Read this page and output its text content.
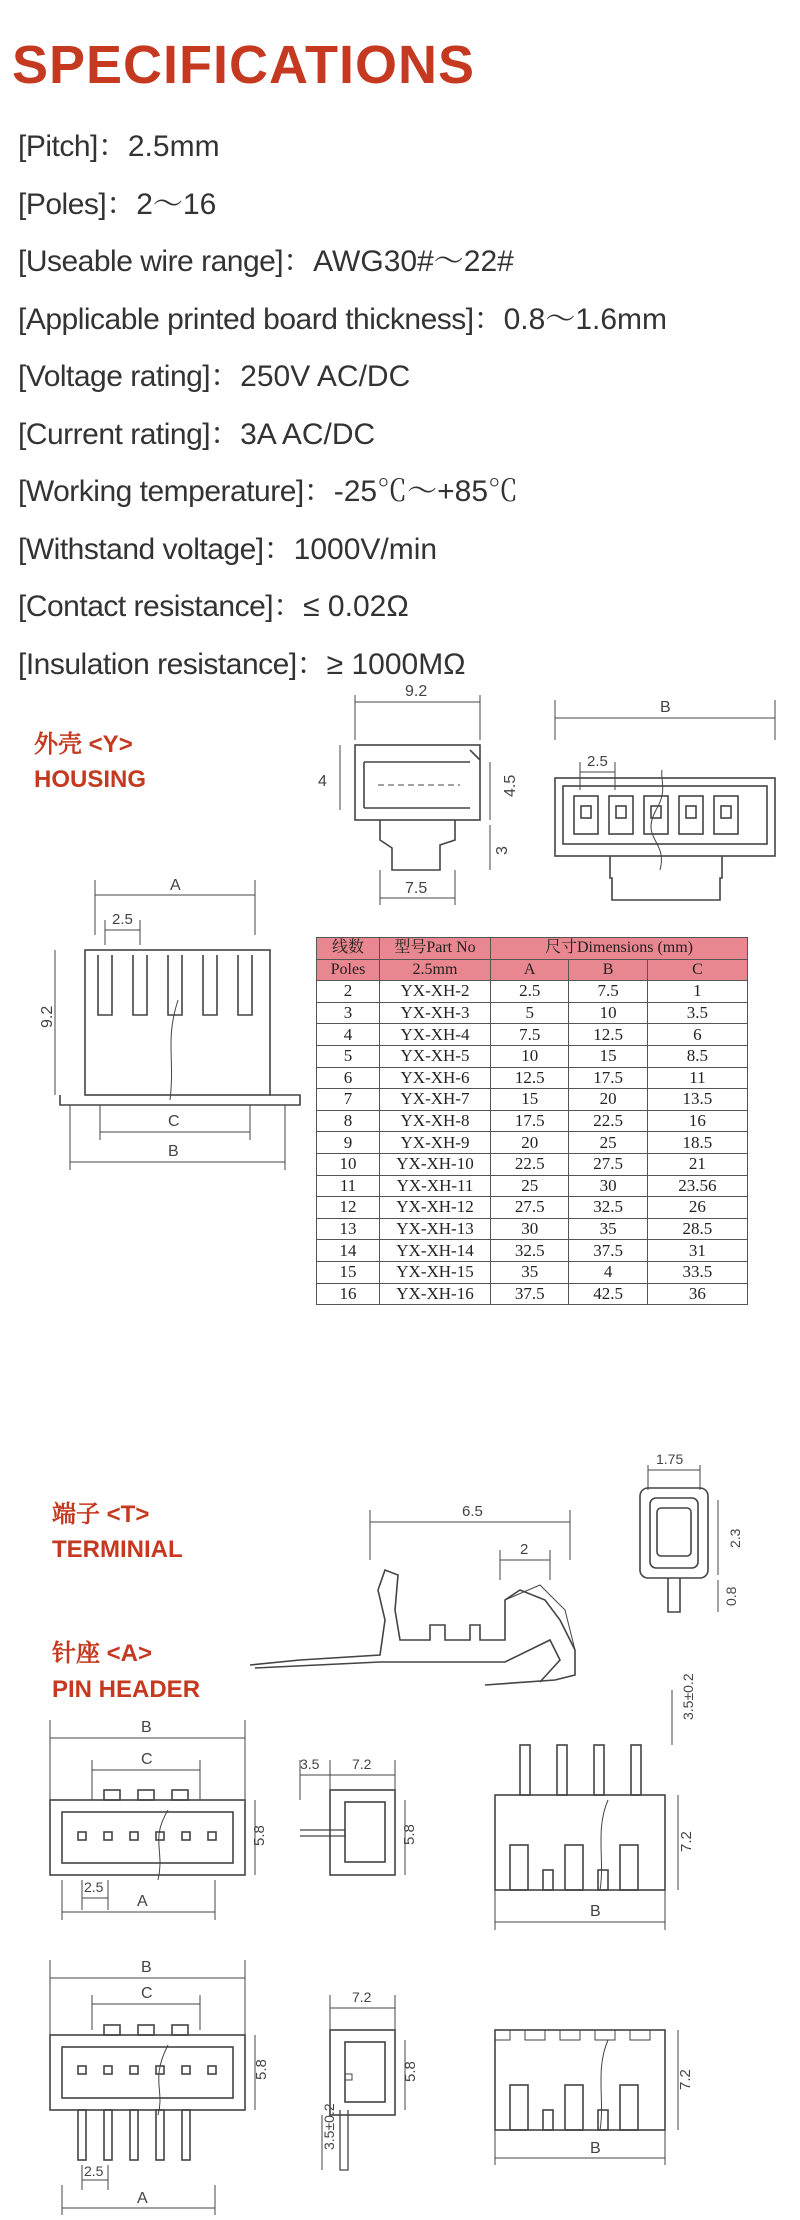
SPECIFICATIONS
[Pitch]：2.5mm
[Poles]：2～16
[Useable wire range]：AWG30#～22#
[Applicable printed board thickness]：0.8～1.6mm
[Voltage rating]：250V AC/DC
[Current rating]：3A AC/DC
[Working temperature]：-25℃～+85℃
[Withstand voltage]：1000V/min
[Contact resistance]：≤ 0.02Ω
[Insulation resistance]：≥ 1000MΩ
外壳 <Y>
HOUSING
端子 <T>
TERMINIAL
针座 <A>
PIN HEADER
9.2
4	4.5
3
7.5
B
2.5
A
2.5
9.2
C
B
6.5
2
1.75
2.3
0.8
B
C
5.8
2.5
A
3.5 7.2
5.8
3.5±0.2
7.2
B
B
C
5.8
2.5
A
7.2
3.5±0.2
5.8	7.2
B
线数	型号Part No	尺寸Dimensions (mm)		
Poles	2.5mm	A	B	C
2	YX-XH-2	2.5	7.5	1
3	YX-XH-3	5	10	3.5
4	YX-XH-4	7.5	12.5	6
5	YX-XH-5	10	15	8.5
6	YX-XH-6	12.5	17.5	11
7	YX-XH-7	15	20	13.5
8	YX-XH-8	17.5	22.5	16
9	YX-XH-9	20	25	18.5
10	YX-XH-10	22.5	27.5	21
11	YX-XH-11	25	30	23.56
12	YX-XH-12	27.5	32.5	26
13	YX-XH-13	30	35	28.5
14	YX-XH-14	32.5	37.5	31
15	YX-XH-15	35	4	33.5
16	YX-XH-16	37.5	42.5	36
